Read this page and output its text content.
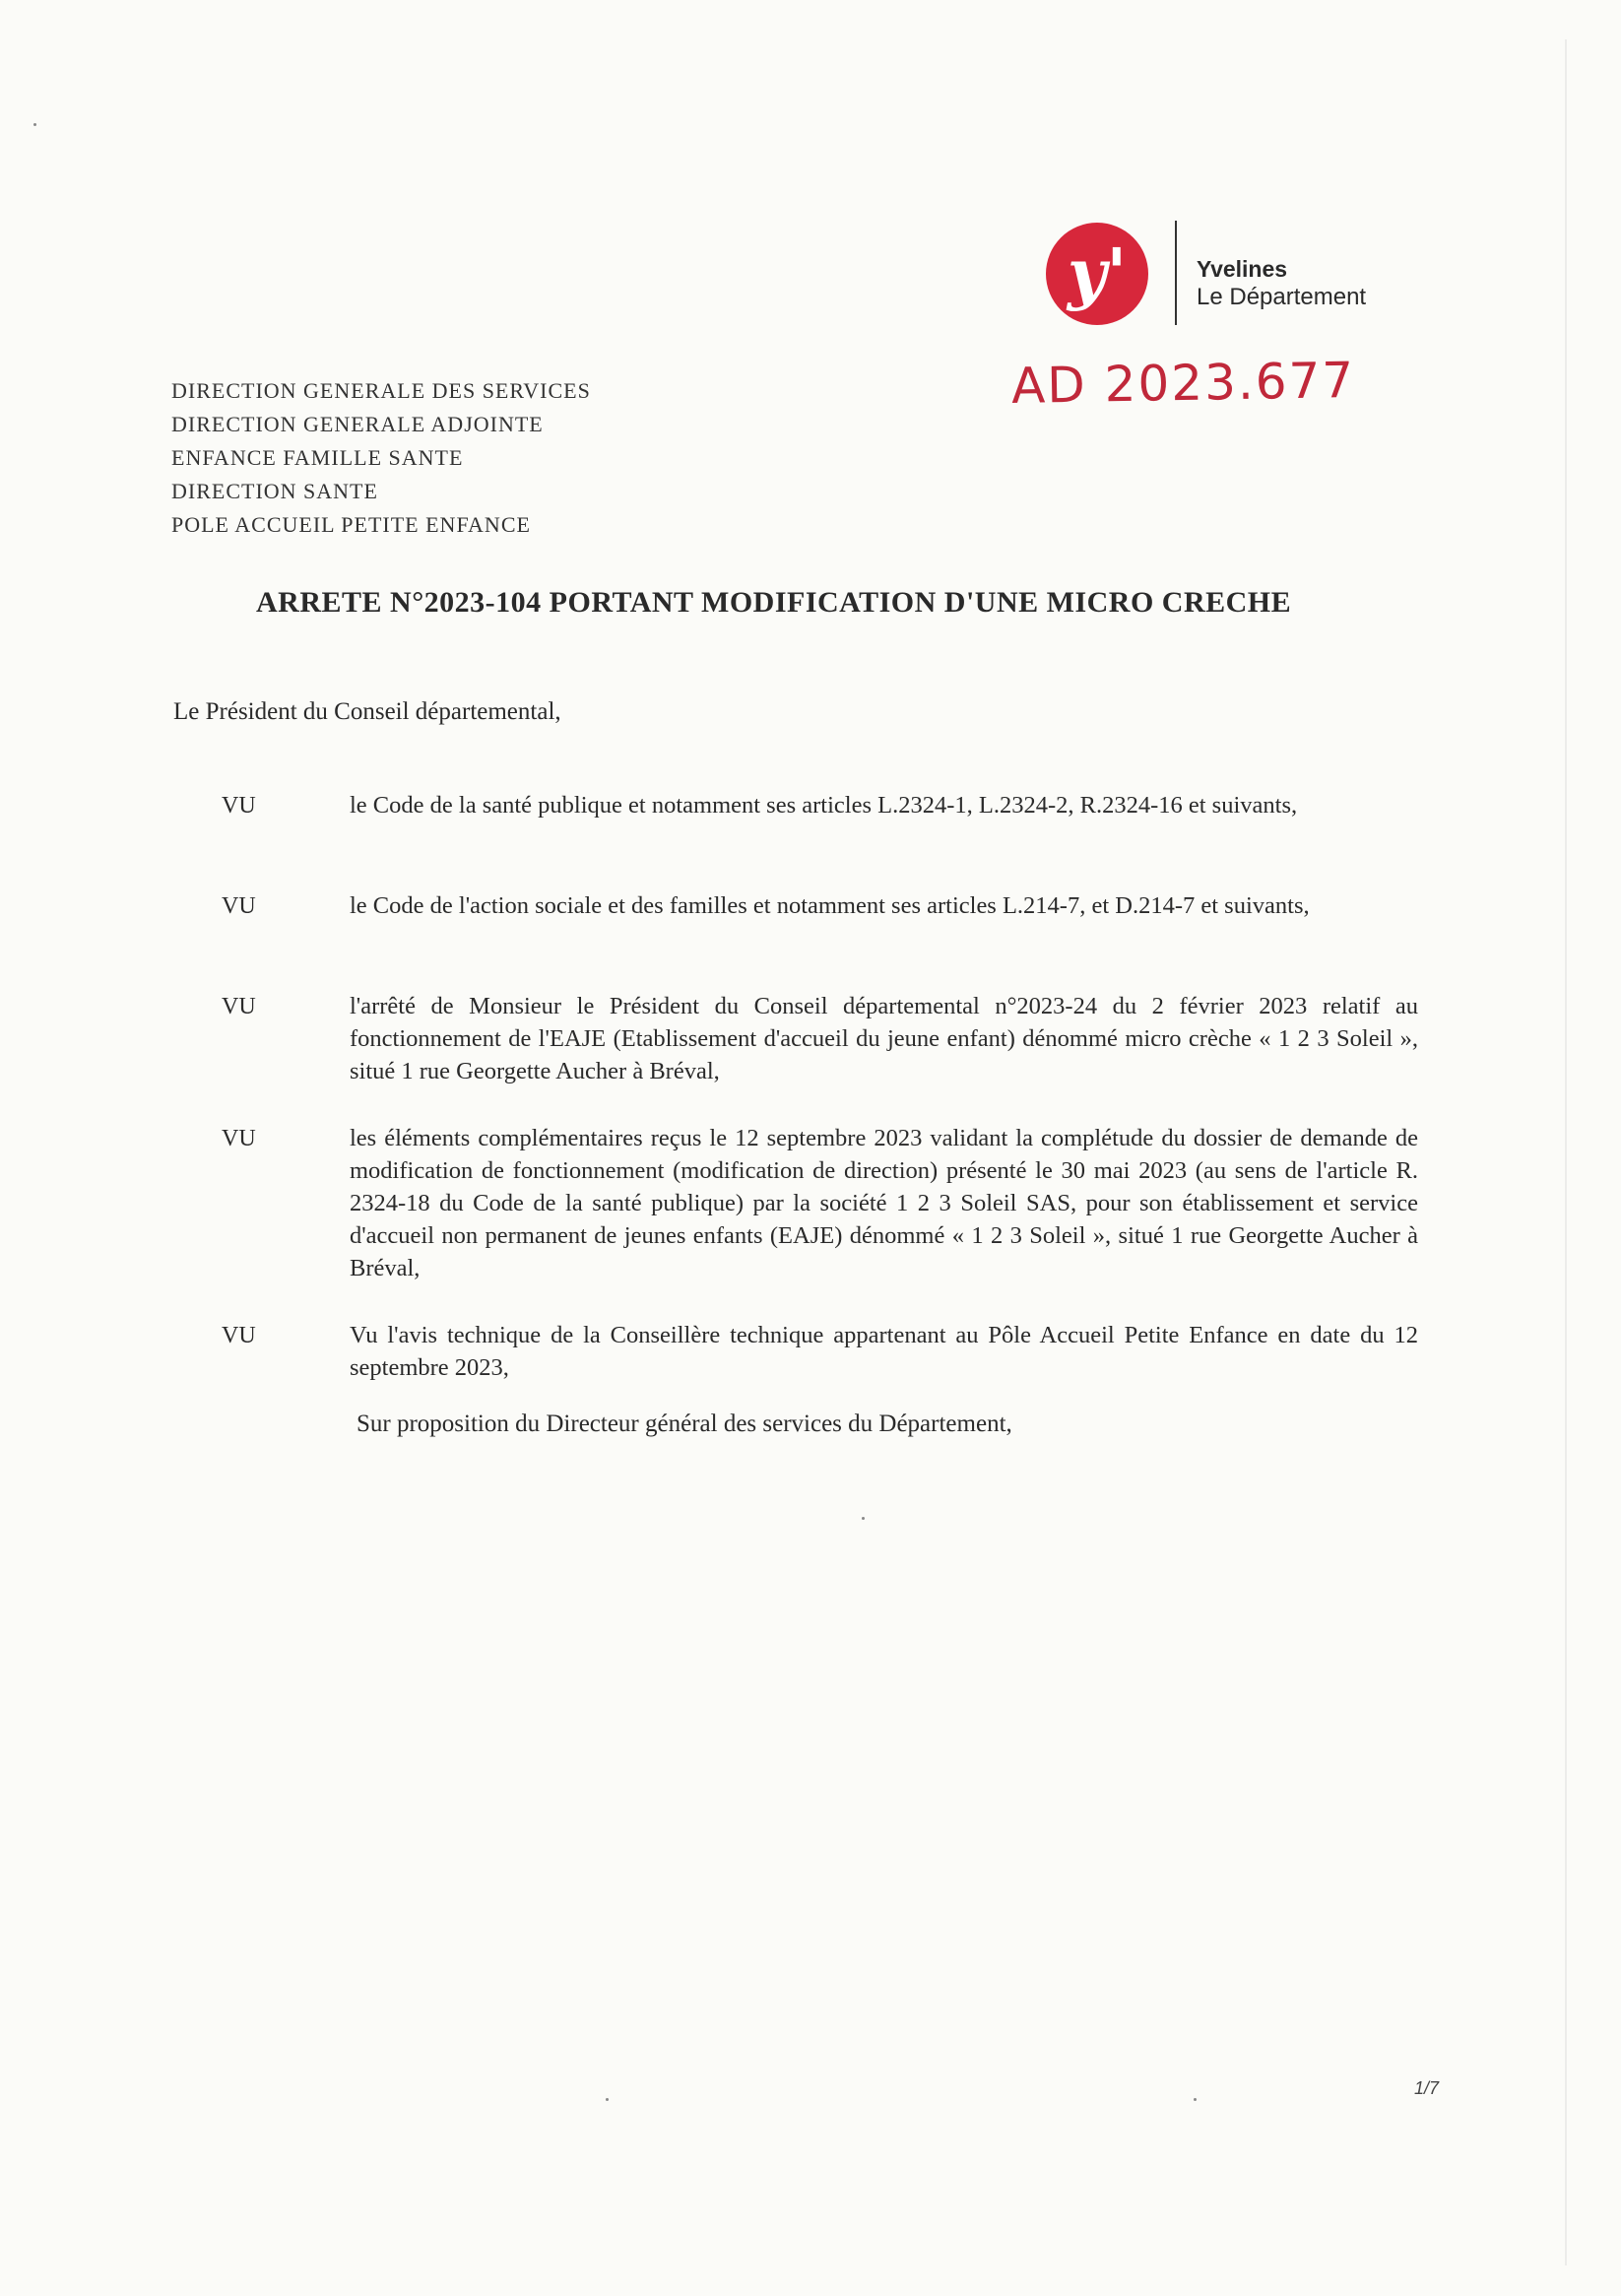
y'	Yvelines
Le Département
AD 2023.677
DIRECTION GENERALE DES SERVICES
DIRECTION GENERALE ADJOINTE
ENFANCE FAMILLE SANTE
DIRECTION SANTE
POLE ACCUEIL PETITE ENFANCE
ARRETE N°2023-104 PORTANT MODIFICATION D'UNE MICRO CRECHE
Le Président du Conseil départemental,
VU	le Code de la santé publique et notamment ses articles L.2324-1, L.2324-2, R.2324-16 et suivants,
VU	le Code de l'action sociale et des familles et notamment ses articles L.214-7, et D.214-7 et suivants,
VU	l'arrêté de Monsieur le Président du Conseil départemental n°2023-24 du 2 février 2023 relatif au fonctionnement de l'EAJE (Etablissement d'accueil du jeune enfant) dénommé micro crèche « 1 2 3 Soleil », situé 1 rue Georgette Aucher à Bréval,
VU	les éléments complémentaires reçus le 12 septembre 2023 validant la complétude du dossier de demande de modification de fonctionnement (modification de direction) présenté le 30 mai 2023 (au sens de l'article R. 2324-18 du Code de la santé publique) par la société 1 2 3 Soleil SAS, pour son établissement et service d'accueil non permanent de jeunes enfants (EAJE) dénommé « 1 2 3 Soleil », situé 1 rue Georgette Aucher à Bréval,
VU	Vu l'avis technique de la Conseillère technique appartenant au Pôle Accueil Petite Enfance en date du 12 septembre 2023,
Sur proposition du Directeur général des services du Département,
1/7
